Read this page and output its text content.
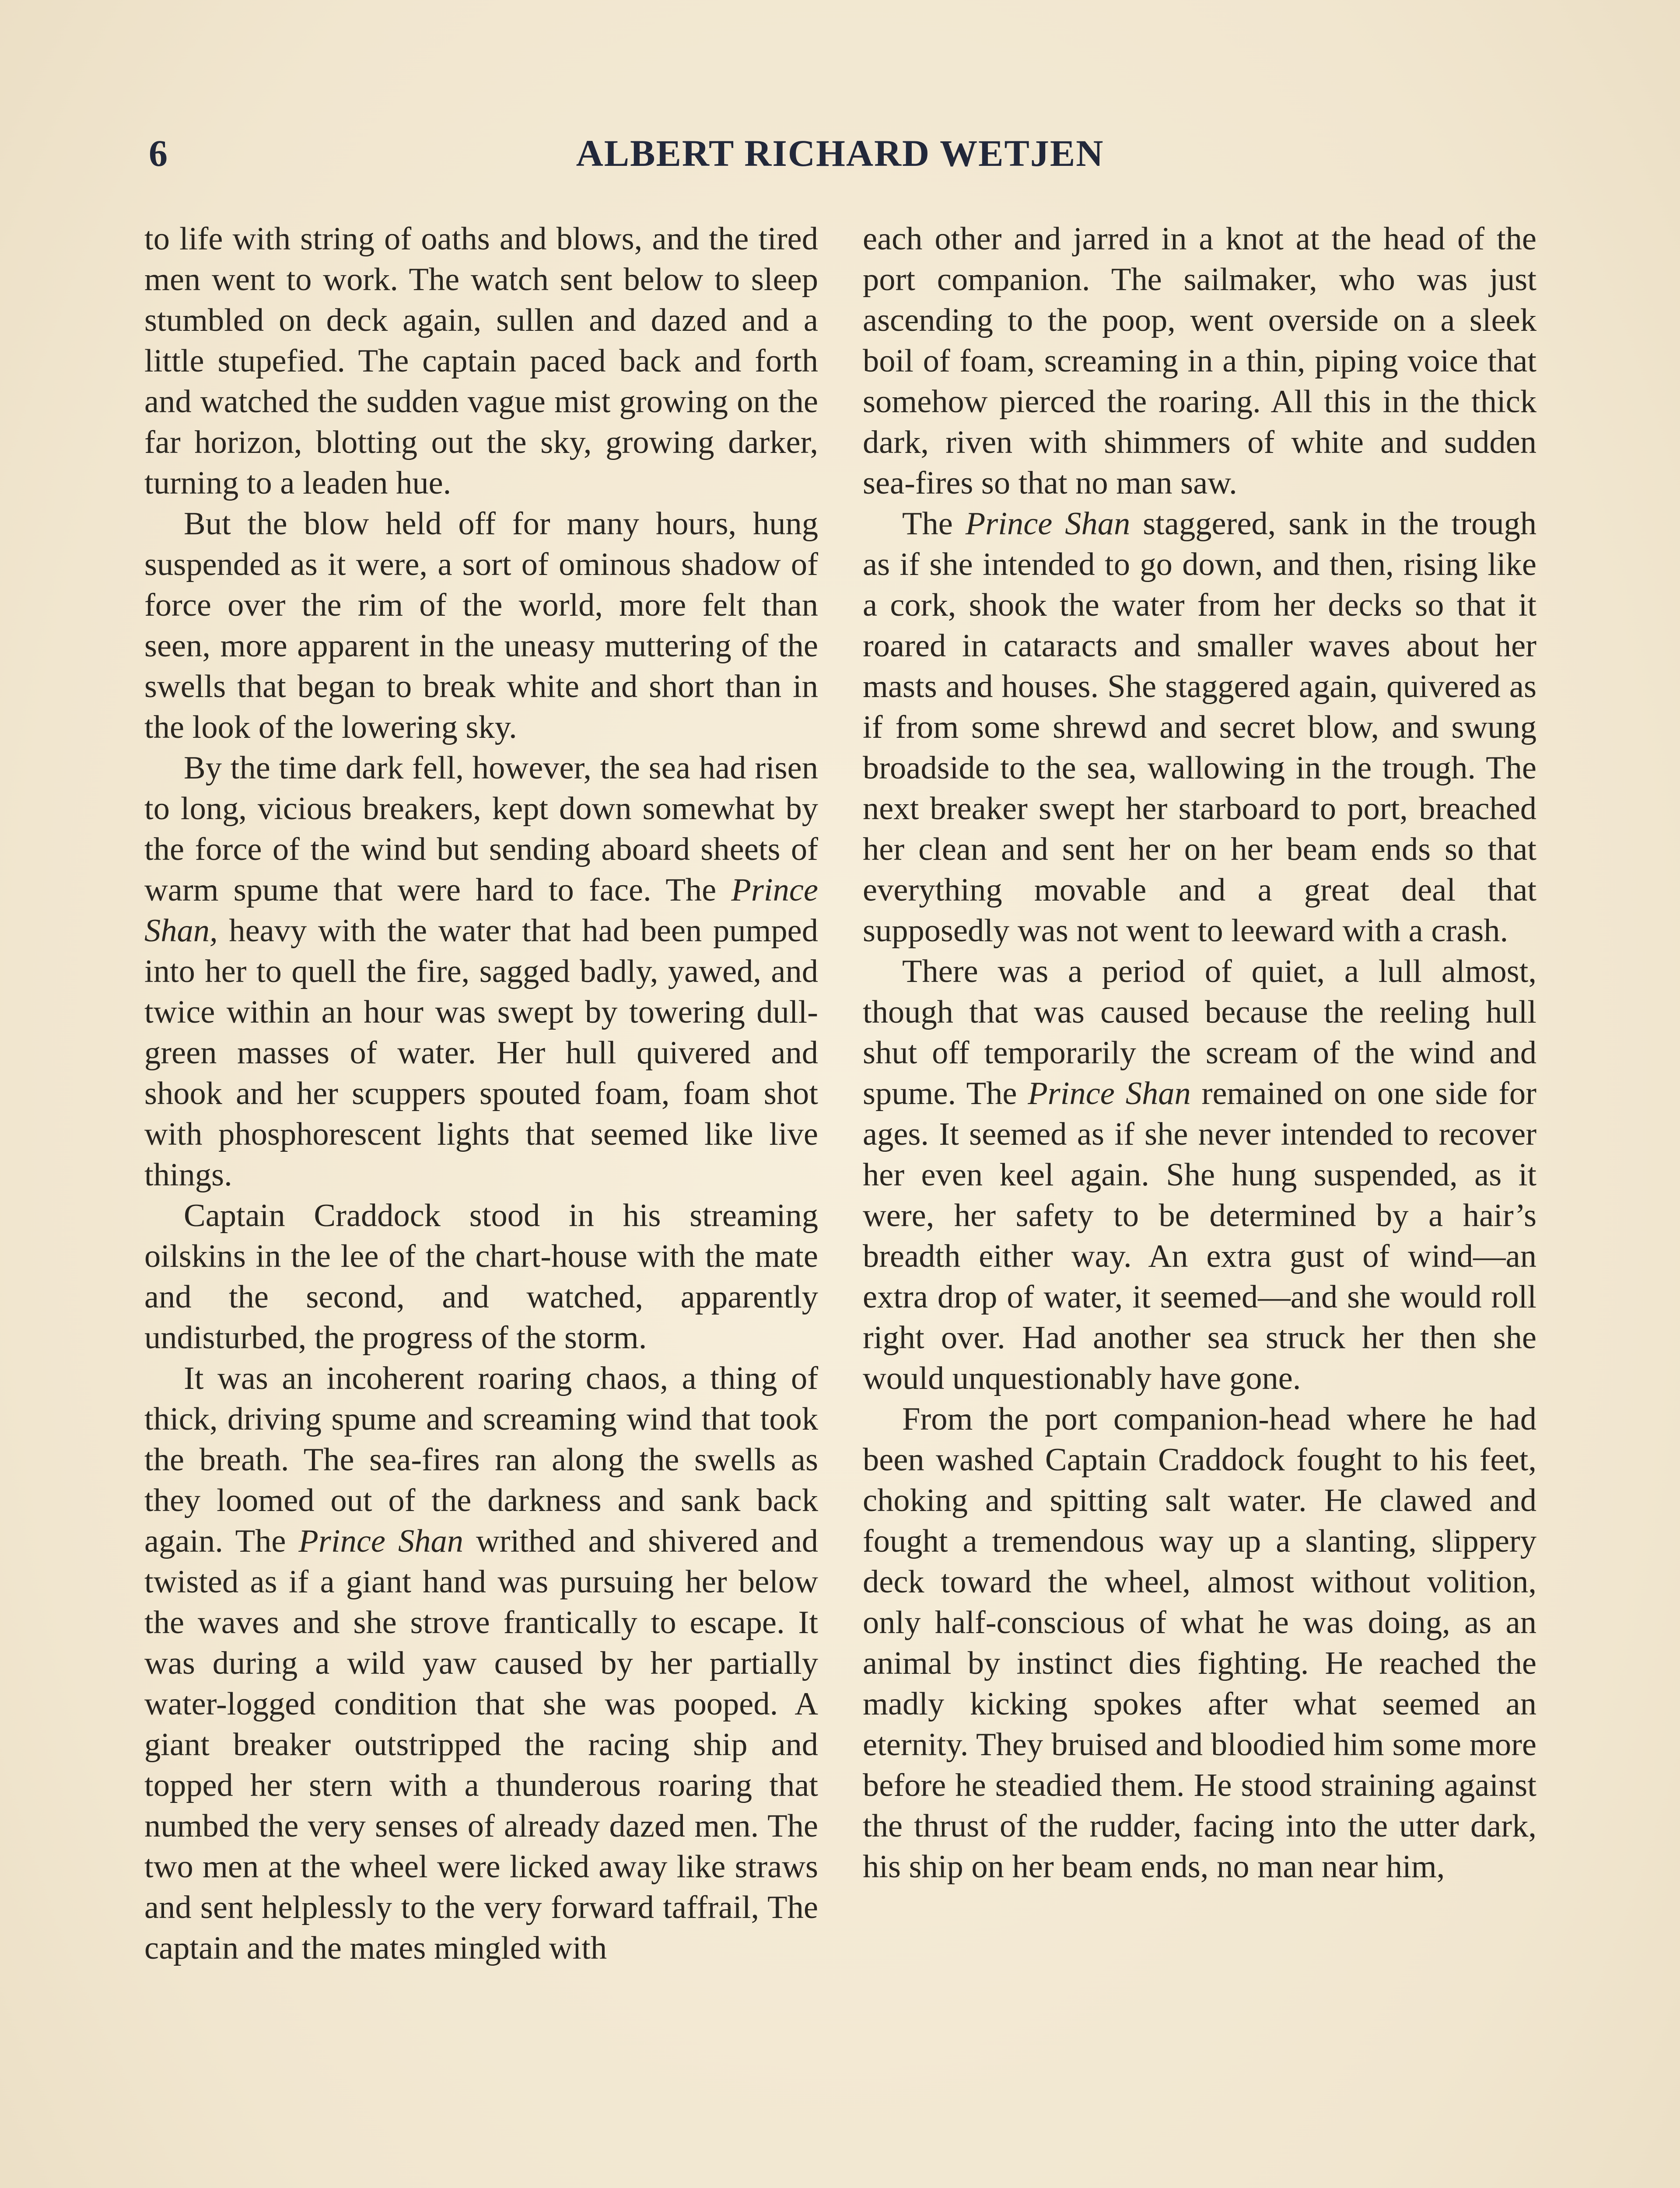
6	ALBERT RICHARD WETJEN

to life with string of oaths and blows, and the tired men went to work. The watch sent below to sleep stumbled on deck again, sullen and dazed and a little stupefied. The captain paced back and forth and watched the sudden vague mist growing on the far horizon, blotting out the sky, growing darker, turning to a leaden hue.

But the blow held off for many hours, hung suspended as it were, a sort of ominous shadow of force over the rim of the world, more felt than seen, more apparent in the uneasy muttering of the swells that began to break white and short than in the look of the lowering sky.

By the time dark fell, however, the sea had risen to long, vicious breakers, kept down somewhat by the force of the wind but sending aboard sheets of warm spume that were hard to face. The Prince Shan, heavy with the water that had been pumped into her to quell the fire, sagged badly, yawed, and twice within an hour was swept by towering dull-green masses of water. Her hull quivered and shook and her scuppers spouted foam, foam shot with phosphorescent lights that seemed like live things.

Captain Craddock stood in his streaming oilskins in the lee of the chart-house with the mate and the second, and watched, apparently undisturbed, the progress of the storm.

It was an incoherent roaring chaos, a thing of thick, driving spume and screaming wind that took the breath. The sea-fires ran along the swells as they loomed out of the darkness and sank back again. The Prince Shan writhed and shivered and twisted as if a giant hand was pursuing her below the waves and she strove frantically to escape. It was during a wild yaw caused by her partially water-logged condition that she was pooped. A giant breaker outstripped the racing ship and topped her stern with a thunderous roaring that numbed the very senses of already dazed men. The two men at the wheel were licked away like straws and sent helplessly to the very forward taffrail, The captain and the mates mingled with

each other and jarred in a knot at the head of the port companion. The sailmaker, who was just ascending to the poop, went overside on a sleek boil of foam, screaming in a thin, piping voice that somehow pierced the roaring. All this in the thick dark, riven with shimmers of white and sudden sea-fires so that no man saw.

The Prince Shan staggered, sank in the trough as if she intended to go down, and then, rising like a cork, shook the water from her decks so that it roared in cataracts and smaller waves about her masts and houses. She staggered again, quivered as if from some shrewd and secret blow, and swung broadside to the sea, wallowing in the trough. The next breaker swept her starboard to port, breached her clean and sent her on her beam ends so that everything movable and a great deal that supposedly was not went to leeward with a crash.

There was a period of quiet, a lull almost, though that was caused because the reeling hull shut off temporarily the scream of the wind and spume. The Prince Shan remained on one side for ages. It seemed as if she never intended to recover her even keel again. She hung suspended, as it were, her safety to be determined by a hair’s breadth either way. An extra gust of wind—an extra drop of water, it seemed—and she would roll right over. Had another sea struck her then she would unquestionably have gone.

From the port companion-head where he had been washed Captain Craddock fought to his feet, choking and spitting salt water. He clawed and fought a tremendous way up a slanting, slippery deck toward the wheel, almost without volition, only half-conscious of what he was doing, as an animal by instinct dies fighting. He reached the madly kicking spokes after what seemed an eternity. They bruised and bloodied him some more before he steadied them. He stood straining against the thrust of the rudder, facing into the utter dark, his ship on her beam ends, no man near him,
